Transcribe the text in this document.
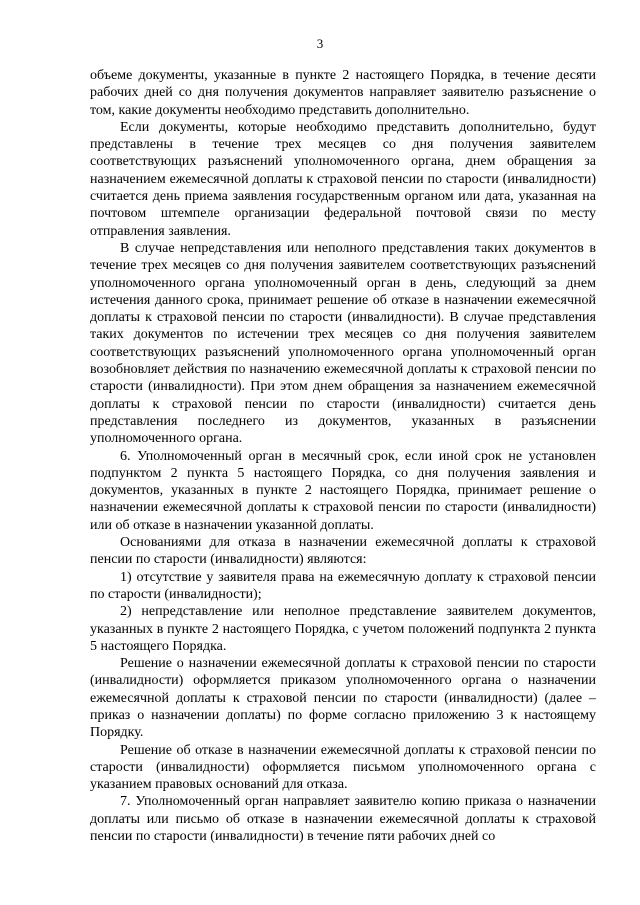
3

объеме документы, указанные в пункте 2 настоящего Порядка, в течение десяти рабочих дней со дня получения документов направляет заявителю разъяснение о том, какие документы необходимо представить дополнительно.

Если документы, которые необходимо представить дополнительно, будут представлены в течение трех месяцев со дня получения заявителем соответствующих разъяснений уполномоченного органа, днем обращения за назначением ежемесячной доплаты к страховой пенсии по старости (инвалидности) считается день приема заявления государственным органом или дата, указанная на почтовом штемпеле организации федеральной почтовой связи по месту отправления заявления.

В случае непредставления или неполного представления таких документов в течение трех месяцев со дня получения заявителем соответствующих разъяснений уполномоченного органа уполномоченный орган в день, следующий за днем истечения данного срока, принимает решение об отказе в назначении ежемесячной доплаты к страховой пенсии по старости (инвалидности). В случае представления таких документов по истечении трех месяцев со дня получения заявителем соответствующих разъяснений уполномоченного органа уполномоченный орган возобновляет действия по назначению ежемесячной доплаты к страховой пенсии по старости (инвалидности). При этом днем обращения за назначением ежемесячной доплаты к страховой пенсии по старости (инвалидности) считается день представления последнего из документов, указанных в разъяснении уполномоченного органа.

6. Уполномоченный орган в месячный срок, если иной срок не установлен подпунктом 2 пункта 5 настоящего Порядка, со дня получения заявления и документов, указанных в пункте 2 настоящего Порядка, принимает решение о назначении ежемесячной доплаты к страховой пенсии по старости (инвалидности) или об отказе в назначении указанной доплаты.

Основаниями для отказа в назначении ежемесячной доплаты к страховой пенсии по старости (инвалидности) являются:

1) отсутствие у заявителя права на ежемесячную доплату к страховой пенсии по старости (инвалидности);

2) непредставление или неполное представление заявителем документов, указанных в пункте 2 настоящего Порядка, с учетом положений подпункта 2 пункта 5 настоящего Порядка.

Решение о назначении ежемесячной доплаты к страховой пенсии по старости (инвалидности) оформляется приказом уполномоченного органа о назначении ежемесячной доплаты к страховой пенсии по старости (инвалидности) (далее – приказ о назначении доплаты) по форме согласно приложению 3 к настоящему Порядку.

Решение об отказе в назначении ежемесячной доплаты к страховой пенсии по старости (инвалидности) оформляется письмом уполномоченного органа с указанием правовых оснований для отказа.

7. Уполномоченный орган направляет заявителю копию приказа о назначении доплаты или письмо об отказе в назначении ежемесячной доплаты к страховой пенсии по старости (инвалидности) в течение пяти рабочих дней со
